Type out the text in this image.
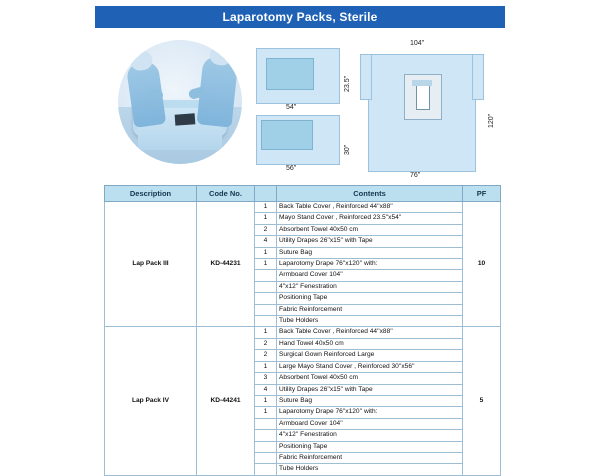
Laparotomy Packs, Sterile
54"
23.5"
56"
30"
104"
76"
120"
Description	Code No.		Contents	PF
Lap Pack III	KD-44231	1	Back Table Cover , Reinforced 44''x88''	10
		1	Mayo Stand Cover , Reinforced 23.5''x54''	
		2	Absorbent Towel 40x50 cm	
		4	Utility Drapes 26''x15'' with Tape	
		1	Suture Bag	
		1	Laparotomy Drape 76''x120'' with:	
			Armboard Cover 104''	
			4''x12'' Fenestration	
			Positioning Tape	
			Fabric Reinforcement	
			Tube Holders	
Lap Pack IV	KD-44241	1	Back Table Cover , Reinforced 44''x88''	5
		2	Hand Towel 40x50 cm	
		2	Surgical Gown Reinforced Large	
		1	Large Mayo Stand Cover , Reinforced 30''x56''	
		3	Absorbent Towel 40x50 cm	
		4	Utility Drapes 26''x15'' with Tape	
		1	Suture Bag	
		1	Laparotomy Drape 76''x120'' with:	
			Armboard Cover 104''	
			4''x12'' Fenestration	
			Positioning Tape	
			Fabric Reinforcement	
			Tube Holders	
